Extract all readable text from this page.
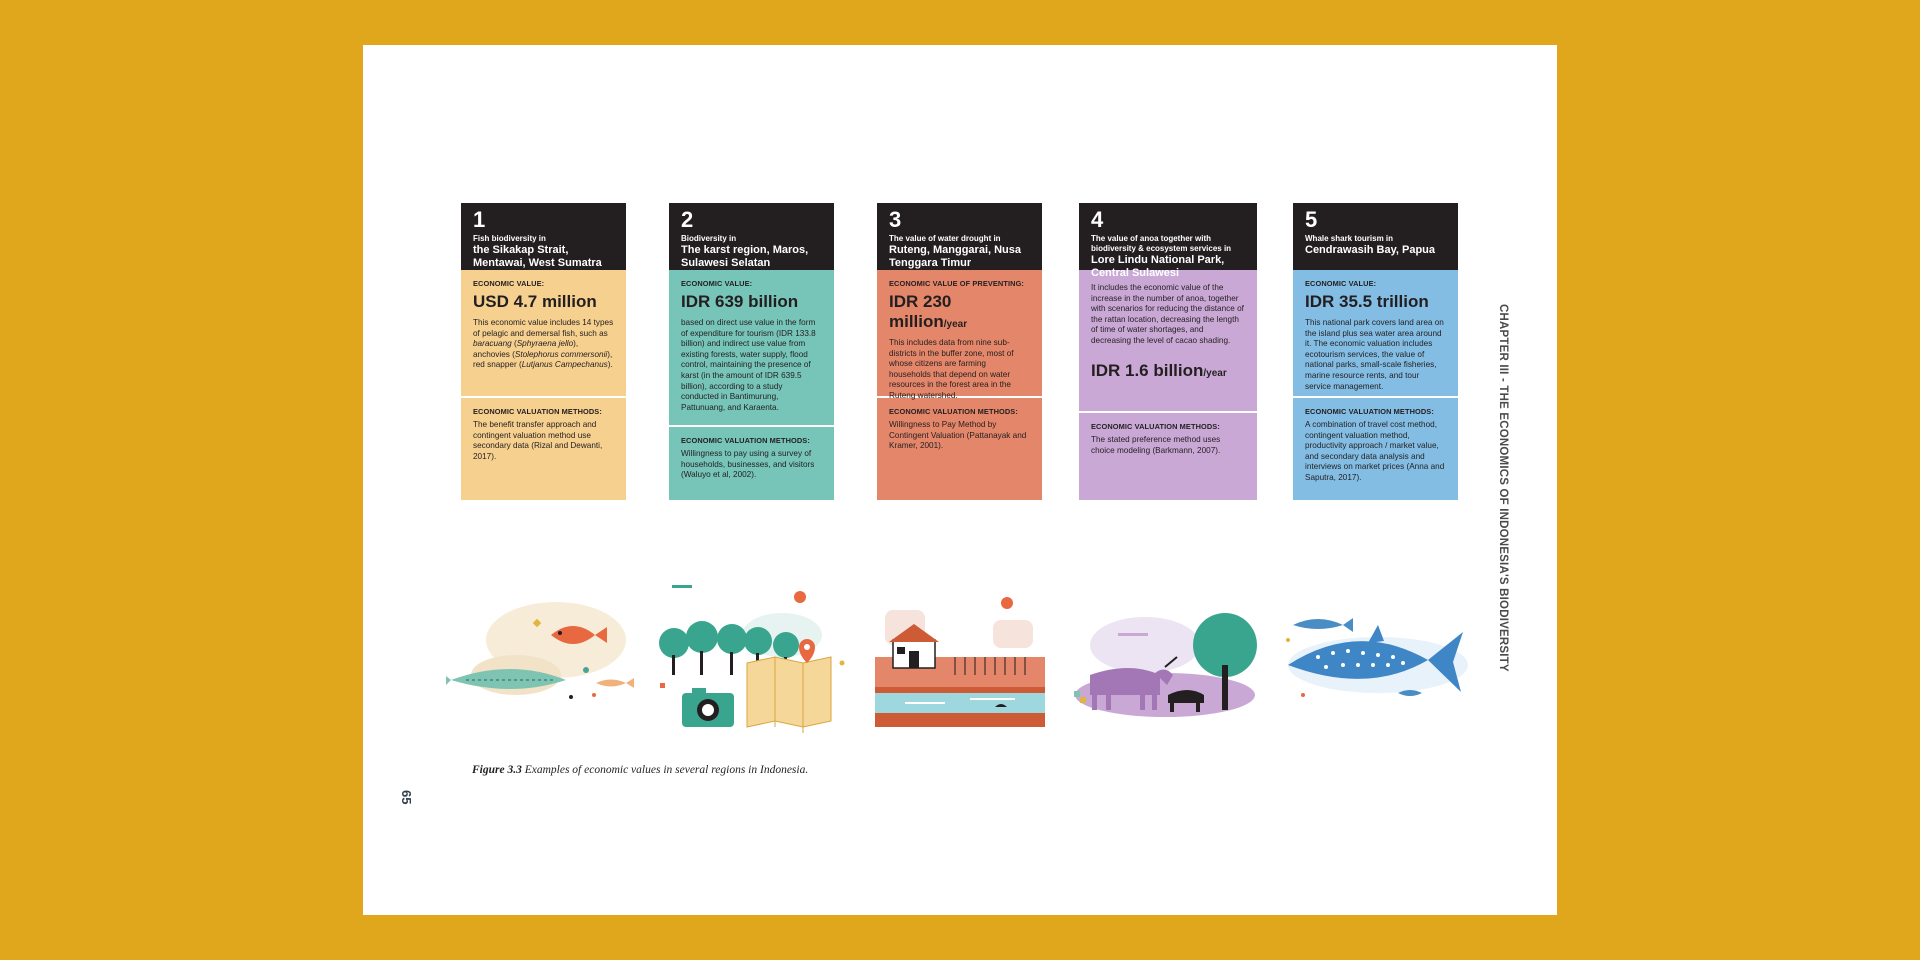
1
Fish biodiversity in
the Sikakap Strait, Mentawai, West Sumatra
ECONOMIC VALUE:
USD 4.7 million
This economic value includes 14 types of pelagic and demersal fish, such as baracuang (Sphyraena jello), anchovies (Stolephorus commersonii), red snapper (Lutjanus Campechanus).
ECONOMIC VALUATION METHODS:
The benefit transfer approach and contingent valuation method use secondary data (Rizal and Dewanti, 2017).
2
Biodiversity in
The karst region, Maros, Sulawesi Selatan
ECONOMIC VALUE:
IDR 639 billion
based on direct use value in the form of expenditure for tourism (IDR 133.8 billion) and indirect use value from existing forests, water supply, flood control, maintaining the presence of karst (in the amount of IDR 639.5 billion), according to a study conducted in Bantimurung, Pattunuang, and Karaenta.
ECONOMIC VALUATION METHODS:
Willingness to pay using a survey of households, businesses, and visitors (Waluyo et al, 2002).
3
The value of water drought in
Ruteng, Manggarai, Nusa Tenggara Timur
ECONOMIC VALUE OF PREVENTING:
IDR 230 million/year
This includes data from nine sub-districts in the buffer zone, most of whose citizens are farming households that depend on water resources in the forest area in the Ruteng watershed.
ECONOMIC VALUATION METHODS:
Willingness to Pay Method by Contingent Valuation (Pattanayak and Kramer, 2001).
4
The value of anoa together with biodiversity & ecosystem services in
Lore Lindu National Park, Central Sulawesi
It includes the economic value of the increase in the number of anoa, together with scenarios for reducing the distance of the rattan location, decreasing the length of time of water shortages, and decreasing the level of cacao shading.
IDR 1.6 billion/year
ECONOMIC VALUATION METHODS:
The stated preference method uses choice modeling (Barkmann, 2007).
5
Whale shark tourism in
Cendrawasih Bay, Papua
ECONOMIC VALUE:
IDR 35.5 trillion
This national park covers land area on the island plus sea water area around it. The economic valuation includes ecotourism services, the value of national parks, small-scale fisheries, marine resource rents, and tour service management.
ECONOMIC VALUATION METHODS:
A combination of travel cost method, contingent valuation method, productivity approach / market value, and secondary data analysis and interviews on market prices (Anna and Saputra, 2017).
Figure 3.3 Examples of economic values in several regions in Indonesia.
65
CHAPTER III - THE ECONOMICS OF INDONESIA'S BIODIVERSITY
